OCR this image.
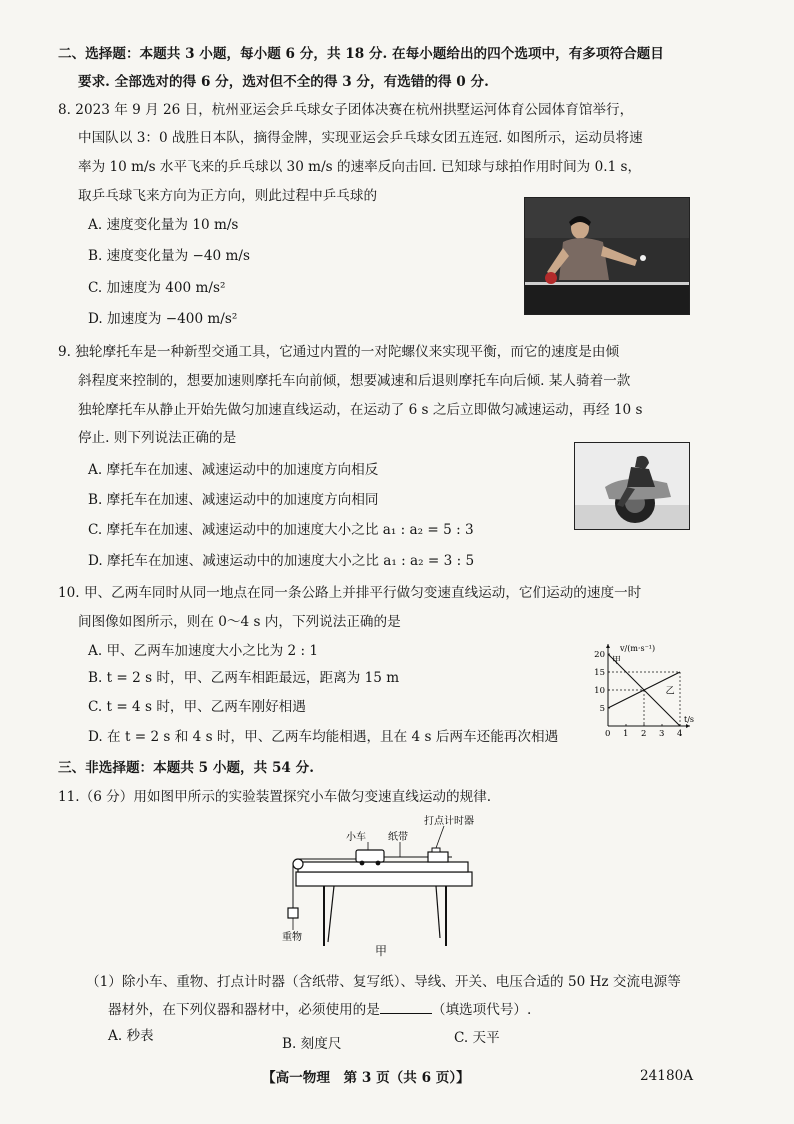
二、选择题：本题共 3 小题，每小题 6 分，共 18 分. 在每小题给出的四个选项中，有多项符合题目
要求. 全部选对的得 6 分，选对但不全的得 3 分，有选错的得 0 分.
8. 2023 年 9 月 26 日，杭州亚运会乒乓球女子团体决赛在杭州拱墅运河体育公园体育馆举行，
中国队以 3：0 战胜日本队，摘得金牌，实现亚运会乒乓球女团五连冠. 如图所示，运动员将速
率为 10 m/s 水平飞来的乒乓球以 30 m/s 的速率反向击回. 已知球与球拍作用时间为 0.1 s，
取乒乓球飞来方向为正方向，则此过程中乒乓球的
A. 速度变化量为 10 m/s
B. 速度变化量为 −40 m/s
C. 加速度为 400 m/s²
D. 加速度为 −400 m/s²
9. 独轮摩托车是一种新型交通工具，它通过内置的一对陀螺仪来实现平衡，而它的速度是由倾
斜程度来控制的，想要加速则摩托车向前倾，想要减速和后退则摩托车向后倾. 某人骑着一款
独轮摩托车从静止开始先做匀加速直线运动，在运动了 6 s 之后立即做匀减速运动，再经 10 s
停止. 则下列说法正确的是
A. 摩托车在加速、减速运动中的加速度方向相反
B. 摩托车在加速、减速运动中的加速度方向相同
C. 摩托车在加速、减速运动中的加速度大小之比 a₁ : a₂ = 5 : 3
D. 摩托车在加速、减速运动中的加速度大小之比 a₁ : a₂ = 3 : 5
10. 甲、乙两车同时从同一地点在同一条公路上并排平行做匀变速直线运动，它们运动的速度一时
间图像如图所示，则在 0～4 s 内，下列说法正确的是
A. 甲、乙两车加速度大小之比为 2 : 1
B. t = 2 s 时，甲、乙两车相距最远，距离为 15 m
C. t = 4 s 时，甲、乙两车刚好相遇
D. 在 t = 2 s 和 4 s 时，甲、乙两车均能相遇，且在 4 s 后两车还能再次相遇
甲
乙
0 1 2 3 4
5
10
15
20
v/(m·s⁻¹)
t/s
三、非选择题：本题共 5 小题，共 54 分.
11.（6 分）用如图甲所示的实验装置探究小车做匀变速直线运动的规律.
小车 纸带
打点计时器
重物
甲
（1）除小车、重物、打点计时器（含纸带、复写纸）、导线、开关、电压合适的 50 Hz 交流电源等
器材外，在下列仪器和器材中，必须使用的是	（填选项代号）.
A. 秒表	B. 刻度尺	C. 天平
【高一物理　第 3 页（共 6 页）】	24180A
